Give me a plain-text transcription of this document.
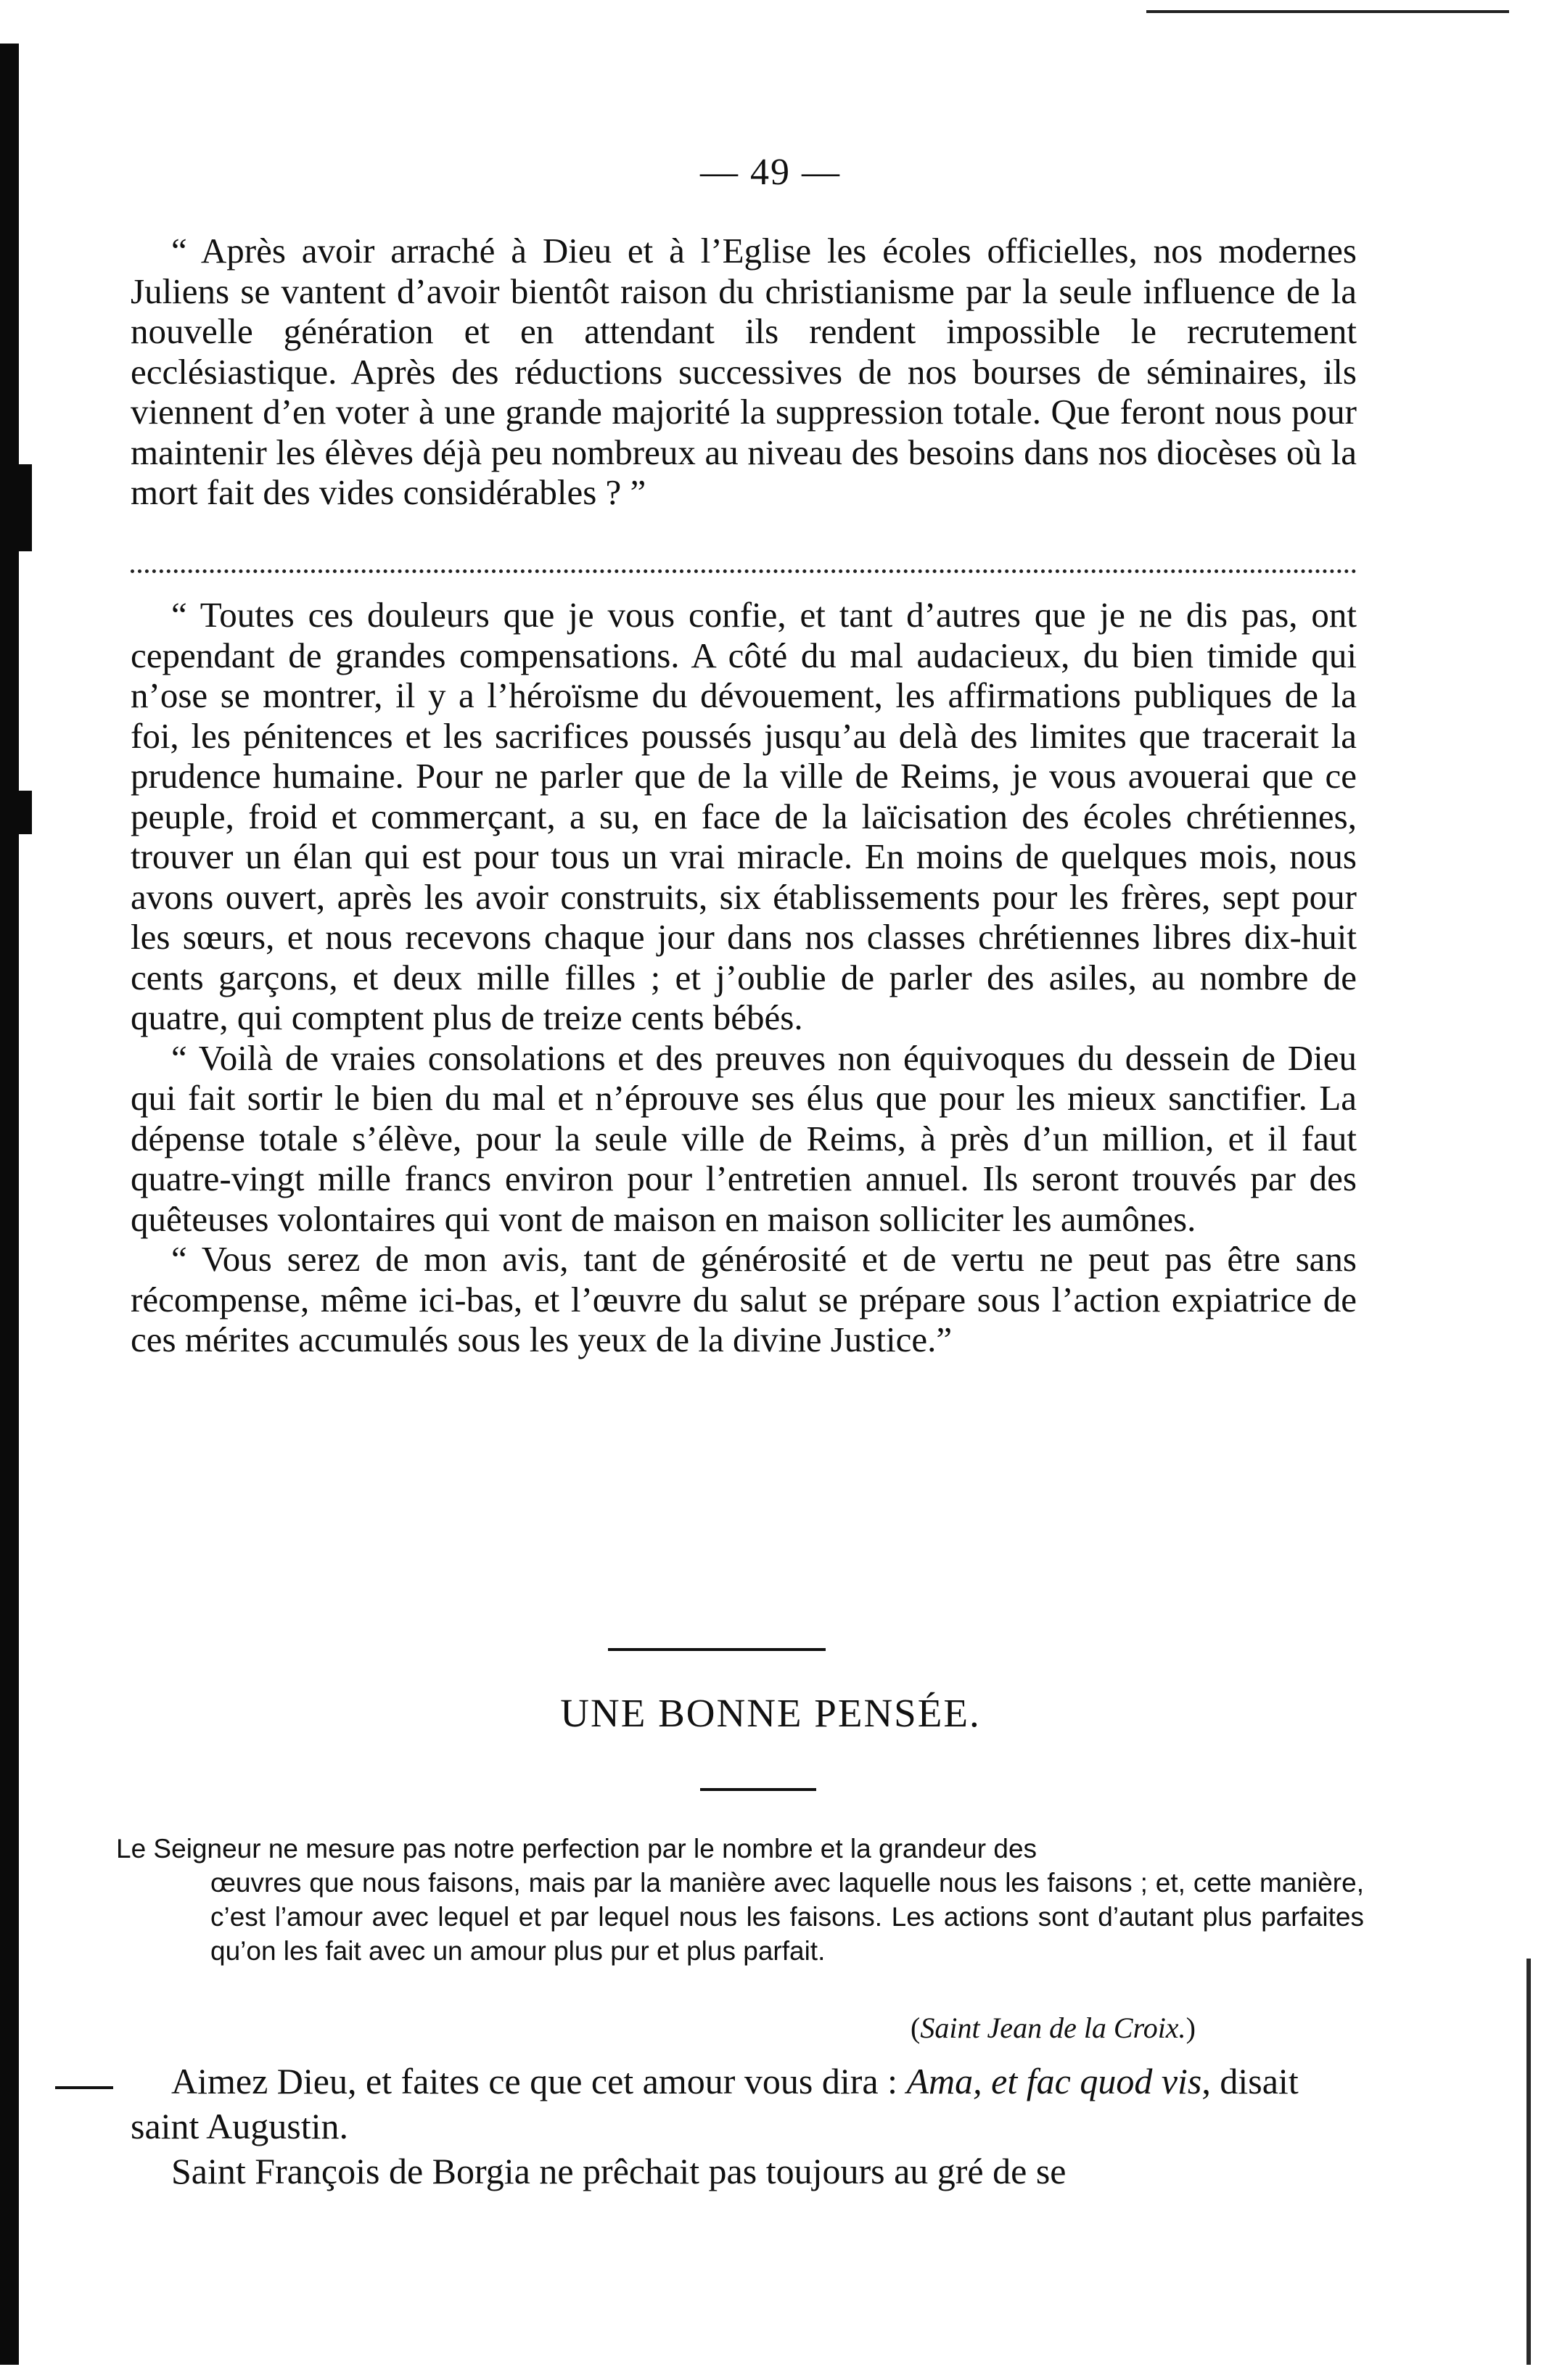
— 49 —

“ Après avoir arraché à Dieu et à l’Eglise les écoles officielles, nos modernes Juliens se vantent d’avoir bientôt raison du christianisme par la seule influence de la nouvelle génération et en attendant ils rendent impossible le recrutement ecclésiastique. Après des réductions successives de nos bourses de séminaires, ils viennent d’en voter à une grande majorité la suppression totale. Que feront nous pour maintenir les élèves déjà peu nombreux au niveau des besoins dans nos diocèses où la mort fait des vides considérables ? ”

“ Toutes ces douleurs que je vous confie, et tant d’autres que je ne dis pas, ont cependant de grandes compensations. A côté du mal audacieux, du bien timide qui n’ose se montrer, il y a l’héroïsme du dévouement, les affirmations publiques de la foi, les pénitences et les sacrifices poussés jusqu’au delà des limites que tracerait la prudence humaine. Pour ne parler que de la ville de Reims, je vous avouerai que ce peuple, froid et commerçant, a su, en face de la laïcisation des écoles chrétiennes, trouver un élan qui est pour tous un vrai miracle. En moins de quelques mois, nous avons ouvert, après les avoir construits, six établissements pour les frères, sept pour les sœurs, et nous recevons chaque jour dans nos classes chrétiennes libres dix-huit cents garçons, et deux mille filles ; et j’oublie de parler des asiles, au nombre de quatre, qui comptent plus de treize cents bébés.

“ Voilà de vraies consolations et des preuves non équivoques du dessein de Dieu qui fait sortir le bien du mal et n’éprouve ses élus que pour les mieux sanctifier. La dépense totale s’élève, pour la seule ville de Reims, à près d’un million, et il faut quatre-vingt mille francs environ pour l’entretien annuel. Ils seront trouvés par des quêteuses volontaires qui vont de maison en maison solliciter les aumônes.

“ Vous serez de mon avis, tant de générosité et de vertu ne peut pas être sans récompense, même ici-bas, et l’œuvre du salut se prépare sous l’action expiatrice de ces mérites accumulés sous les yeux de la divine Justice.”

UNE BONNE PENSÉE.
Le Seigneur ne mesure pas notre perfection par le nombre et la grandeur des
œuvres que nous faisons, mais par la manière avec laquelle nous les faisons ; et, cette manière, c’est l’amour avec lequel et par lequel nous les faisons. Les actions sont d’autant plus parfaites qu’on les fait avec un amour plus pur et plus parfait.
(Saint Jean de la Croix.)

Aimez Dieu, et faites ce que cet amour vous dira : Ama, et fac quod vis, disait saint Augustin.

Saint François de Borgia ne prêchait pas toujours au gré de se
